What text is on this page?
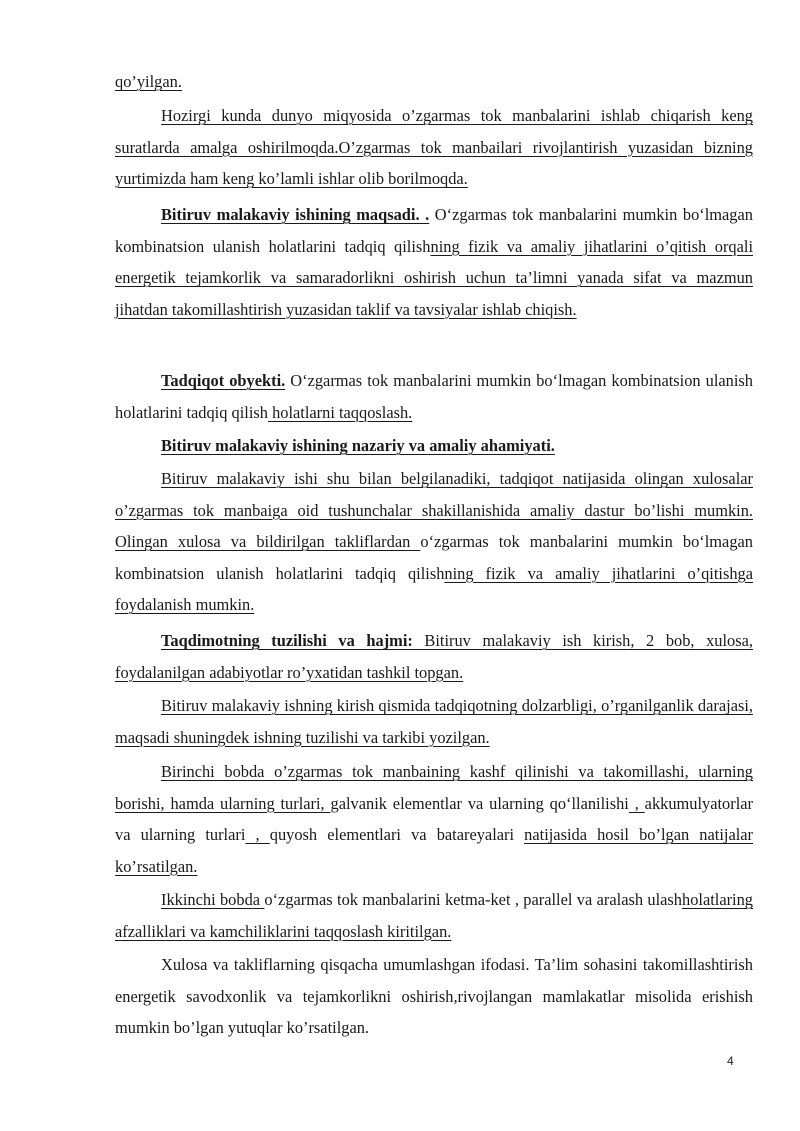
qo’yilgan.

Hozirgi kunda dunyo miqyosida o’zgarmas tok manbalarini ishlab chiqarish keng suratlarda amalga oshirilmoqda.O’zgarmas tok manbailari rivojlantirish yuzasidan bizning yurtimizda ham keng ko’lamli ishlar olib borilmoqda.

Bitiruv malakaviy ishining maqsadi. . O‘zgarmas tok manbalarini mumkin bo‘lmagan kombinatsion ulanish holatlarini tadqiq qilishning fizik va amaliy jihatlarini o’qitish orqali energetik tejamkorlik va samaradorlikni oshirish uchun ta’limni yanada sifat va mazmun jihatdan takomillashtirish yuzasidan taklif va tavsiyalar ishlab chiqish.

Tadqiqot obyekti. O‘zgarmas tok manbalarini mumkin bo‘lmagan kombinatsion ulanish holatlarini tadqiq qilish holatlarni taqqoslash.

Bitiruv malakaviy ishining nazariy va amaliy ahamiyati.

Bitiruv malakaviy ishi shu bilan belgilanadiki, tadqiqot natijasida olingan xulosalar o’zgarmas tok manbaiga oid tushunchalar shakillanishida amaliy dastur bo’lishi mumkin. Olingan xulosa va bildirilgan takliflardan o‘zgarmas tok manbalarini mumkin bo‘lmagan kombinatsion ulanish holatlarini tadqiq qilishning fizik va amaliy jihatlarini o’qitishga foydalanish mumkin.

Taqdimotning tuzilishi va hajmi: Bitiruv malakaviy ish kirish, 2 bob, xulosa, foydalanilgan adabiyotlar ro’yxatidan tashkil topgan.

Bitiruv malakaviy ishning kirish qismida tadqiqotning dolzarbligi, o’rganilganlik darajasi, maqsadi shuningdek ishning tuzilishi va tarkibi yozilgan.

Birinchi bobda o’zgarmas tok manbaining kashf qilinishi va takomillashi, ularning borishi, hamda ularning turlari, galvanik elementlar va ularning qo‘llanilishi , akkumulyatorlar va ularning turlari , quyosh elementlari va batareyalari natijasida hosil bo’lgan natijalar ko’rsatilgan.

Ikkinchi bobda o‘zgarmas tok manbalarini ketma-ket , parallel va aralash ulashholatlaring afzalliklari va kamchiliklarini taqqoslash kiritilgan.

Xulosa va takliflarning qisqacha umumlashgan ifodasi. Ta’lim sohasini takomillashtirish energetik savodxonlik va tejamkorlikni oshirish,rivojlangan mamlakatlar misolida erishish mumkin bo’lgan yutuqlar ko’rsatilgan.

4
